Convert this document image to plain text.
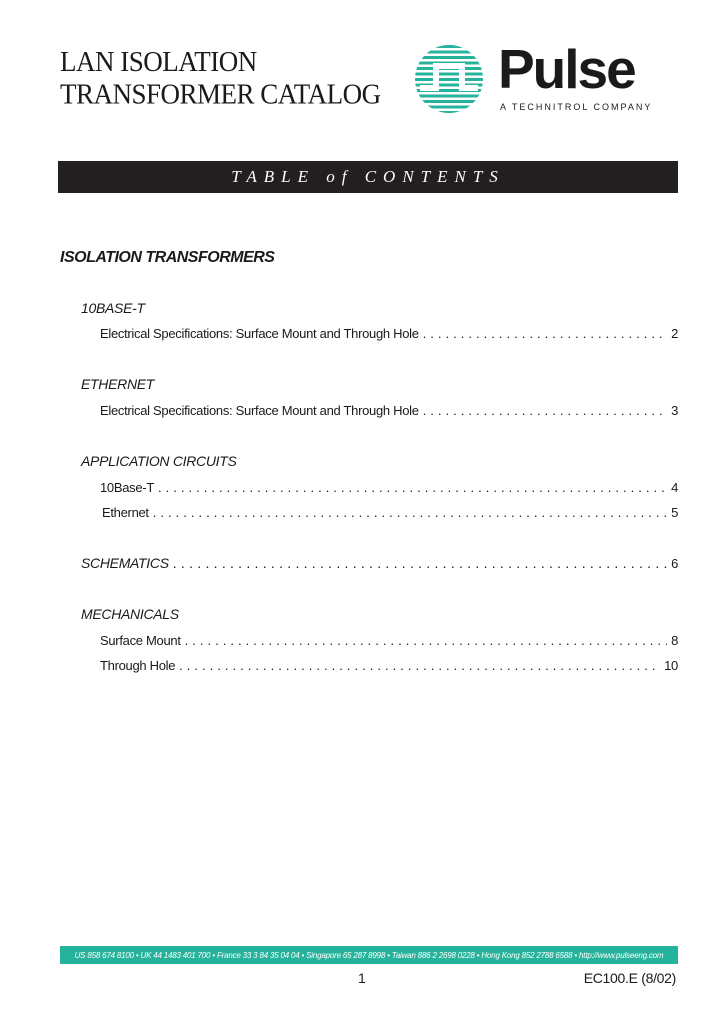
LAN ISOLATION
TRANSFORMER CATALOG	Pulse
A TECHNITROL COMPANY
TABLE of CONTENTS
ISOLATION TRANSFORMERS
10BASE-T
Electrical Specifications: Surface Mount and Through Hole . . .	2
ETHERNET
Electrical Specifications: Surface Mount and Through Hole . . .	3
APPLICATION CIRCUITS
10Base-T . . .	4
Ethernet . . .	5
SCHEMATICS . . .	6
MECHANICALS
Surface Mount . . .	8
Through Hole . . .	10
US 858 674 8100 • UK 44 1483 401 700 • France 33 3 84 35 04 04 • Singapore 65 287 8998 • Taiwan 886 2 2698 0228 • Hong Kong 852 2788 6588 • http://www.pulseeng.com
1	EC100.E (8/02)
